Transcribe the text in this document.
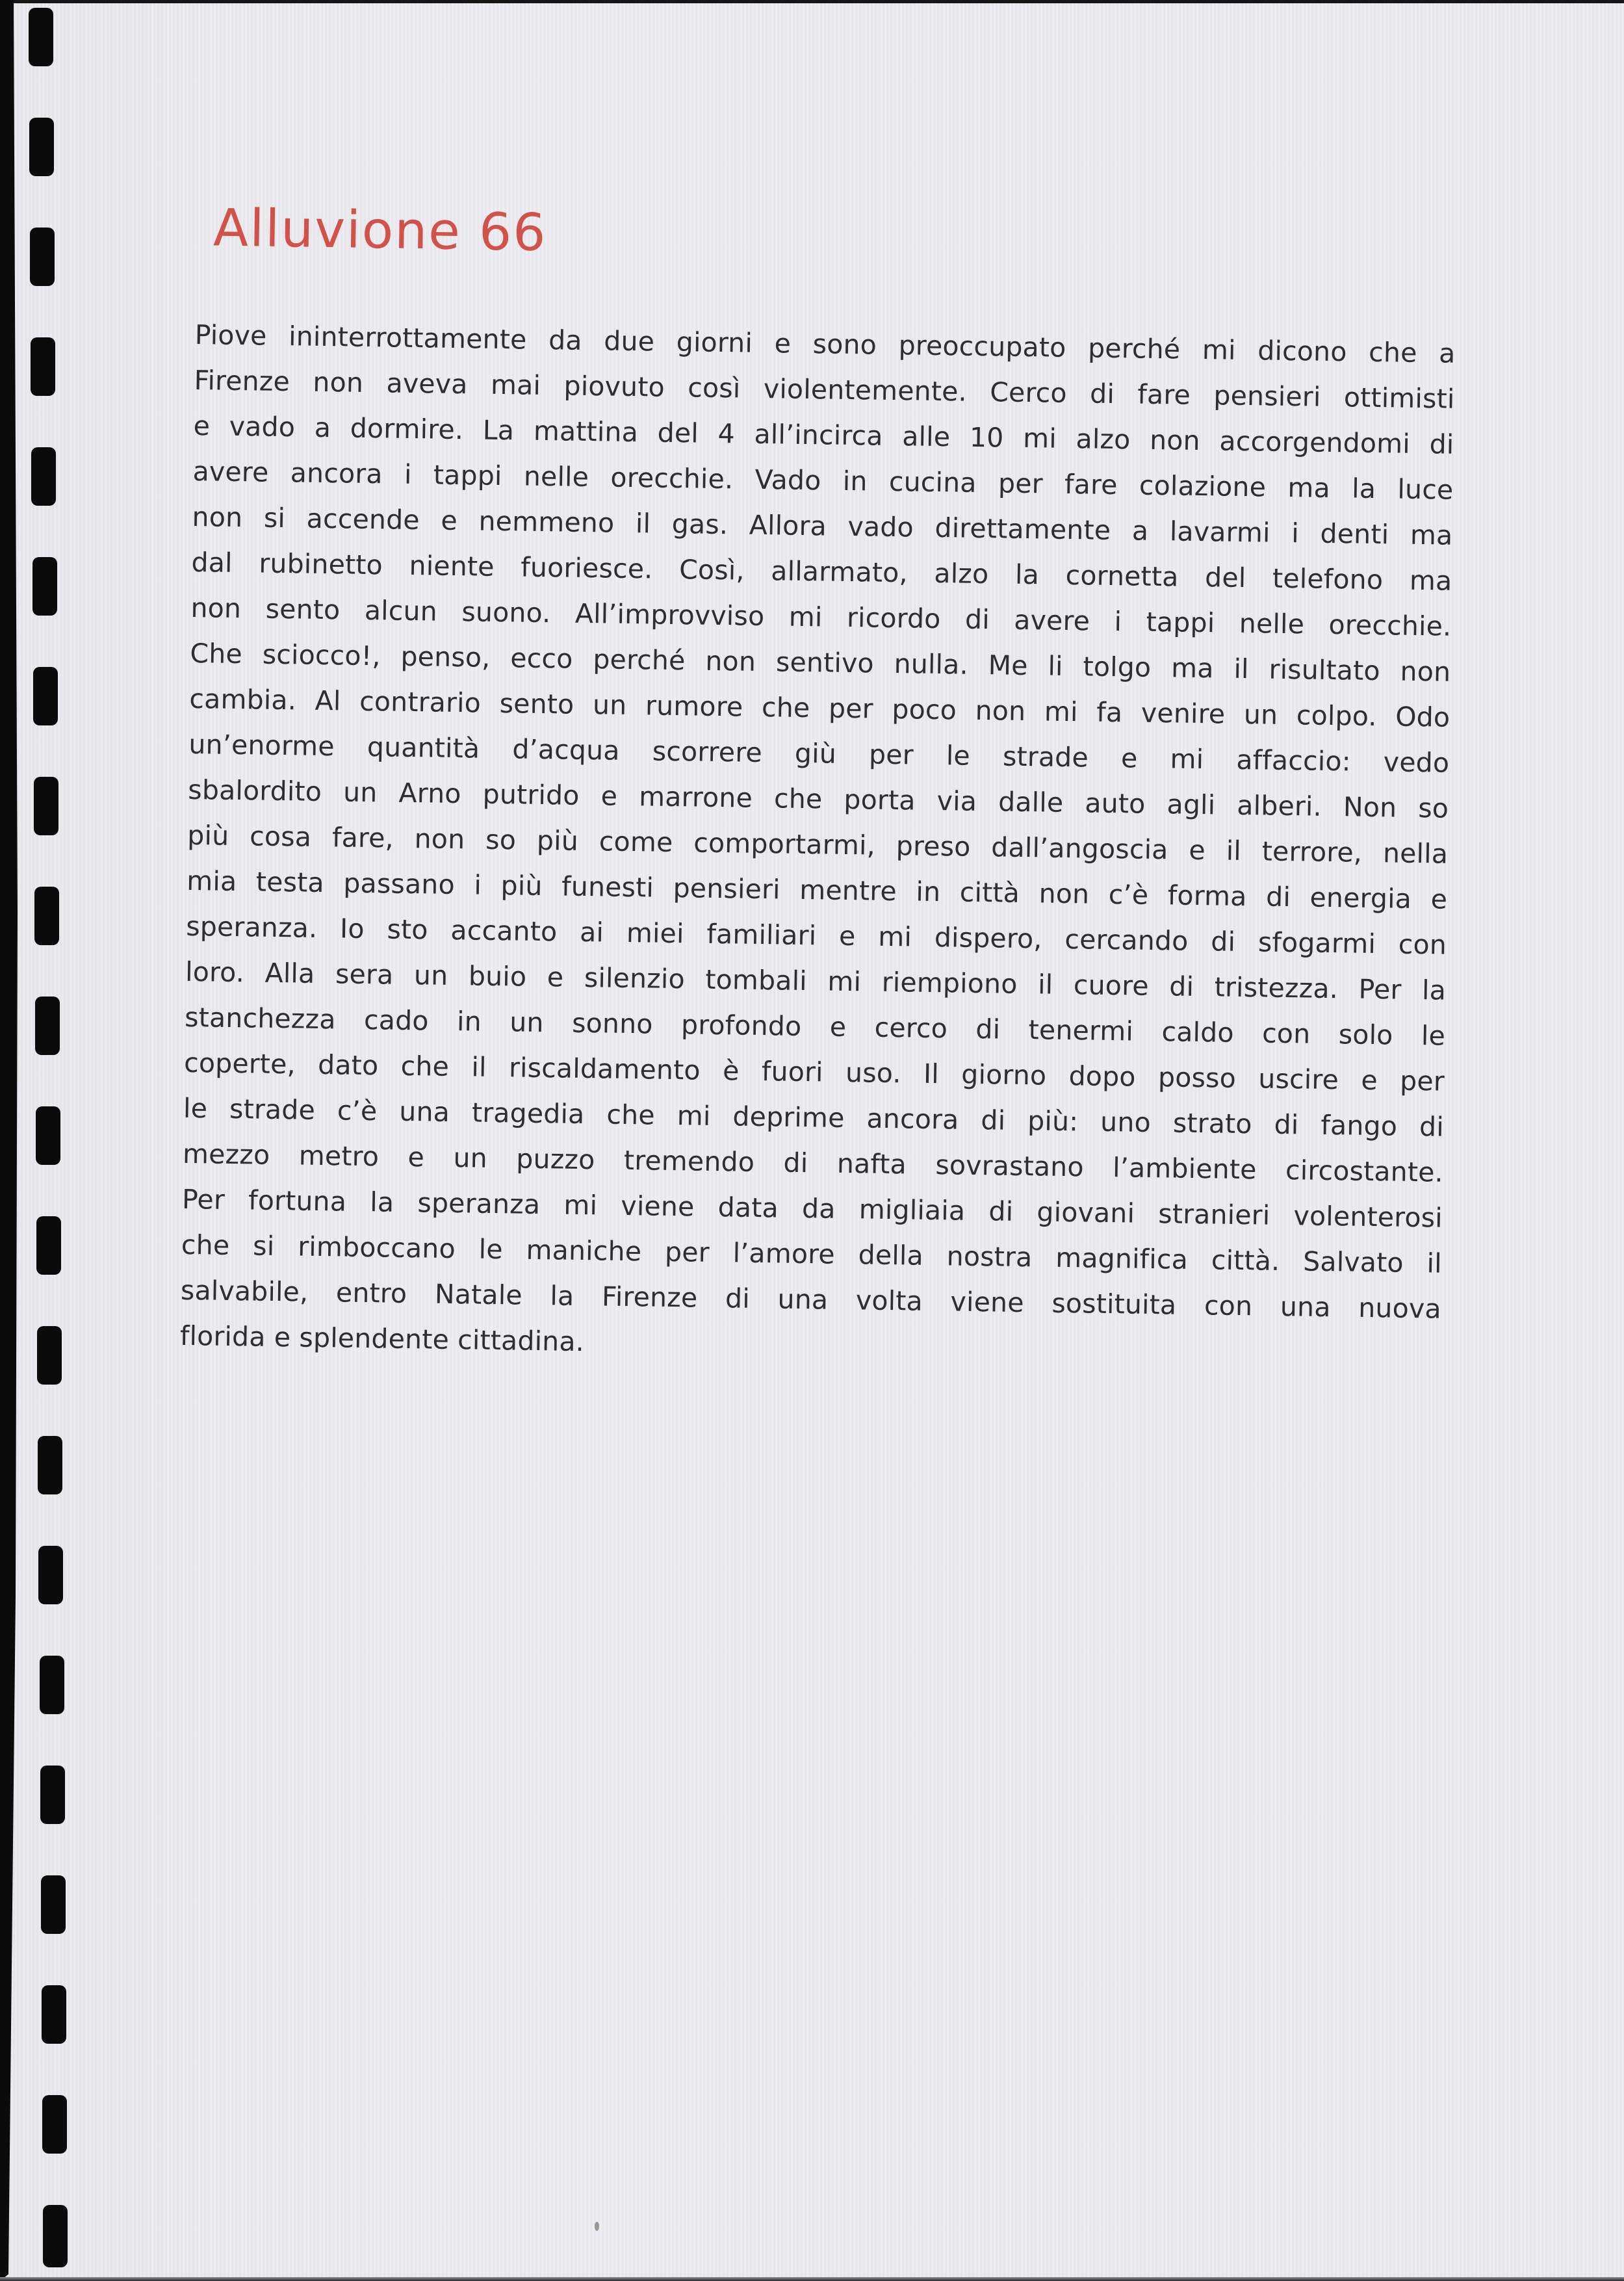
Alluvione 66
Piove ininterrottamente da due giorni e sono preoccupato perché mi dicono che a
Firenze non aveva mai piovuto così violentemente. Cerco di fare pensieri ottimisti
e vado a dormire. La mattina del 4 all’incirca alle 10 mi alzo non accorgendomi di
avere ancora i tappi nelle orecchie. Vado in cucina per fare colazione ma la luce
non si accende e nemmeno il gas. Allora vado direttamente a lavarmi i denti ma
dal rubinetto niente fuoriesce. Così, allarmato, alzo la cornetta del telefono ma
non sento alcun suono. All’improvviso mi ricordo di avere i tappi nelle orecchie.
Che sciocco!, penso, ecco perché non sentivo nulla. Me li tolgo ma il risultato non
cambia. Al contrario sento un rumore che per poco non mi fa venire un colpo. Odo
un’enorme quantità d’acqua scorrere giù per le strade e mi affaccio: vedo
sbalordito un Arno putrido e marrone che porta via dalle auto agli alberi. Non so
più cosa fare, non so più come comportarmi, preso dall’angoscia e il terrore, nella
mia testa passano i più funesti pensieri mentre in città non c’è forma di energia e
speranza. Io sto accanto ai miei familiari e mi dispero, cercando di sfogarmi con
loro. Alla sera un buio e silenzio tombali mi riempiono il cuore di tristezza. Per la
stanchezza cado in un sonno profondo e cerco di tenermi caldo con solo le
coperte, dato che il riscaldamento è fuori uso. Il giorno dopo posso uscire e per
le strade c’è una tragedia che mi deprime ancora di più: uno strato di fango di
mezzo metro e un puzzo tremendo di nafta sovrastano l’ambiente circostante.
Per fortuna la speranza mi viene data da migliaia di giovani stranieri volenterosi
che si rimboccano le maniche per l’amore della nostra magnifica città. Salvato il
salvabile, entro Natale la Firenze di una volta viene sostituita con una nuova
florida e splendente cittadina.
